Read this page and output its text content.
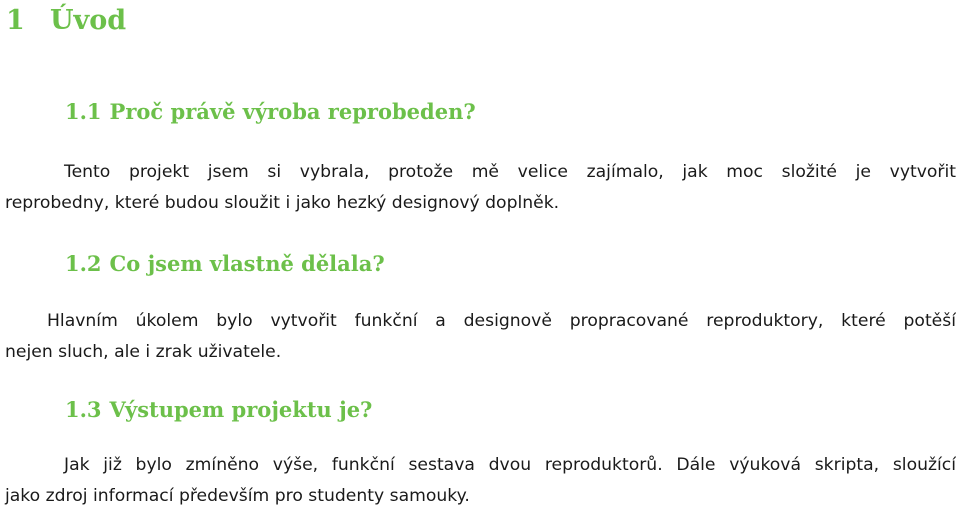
1 Úvod
1.1 Proč právě výroba reprobeden?
Tento projekt jsem si vybrala, protože mě velice zajímalo, jak moc složité je vytvořit
reprobedny, které budou sloužit i jako hezký designový doplněk.
1.2 Co jsem vlastně dělala?
Hlavním úkolem bylo vytvořit funkční a designově propracované reproduktory, které potěší
nejen sluch, ale i zrak uživatele.
1.3 Výstupem projektu je?
Jak již bylo zmíněno výše, funkční sestava dvou reproduktorů. Dále výuková skripta, sloužící
jako zdroj informací především pro studenty samouky.
